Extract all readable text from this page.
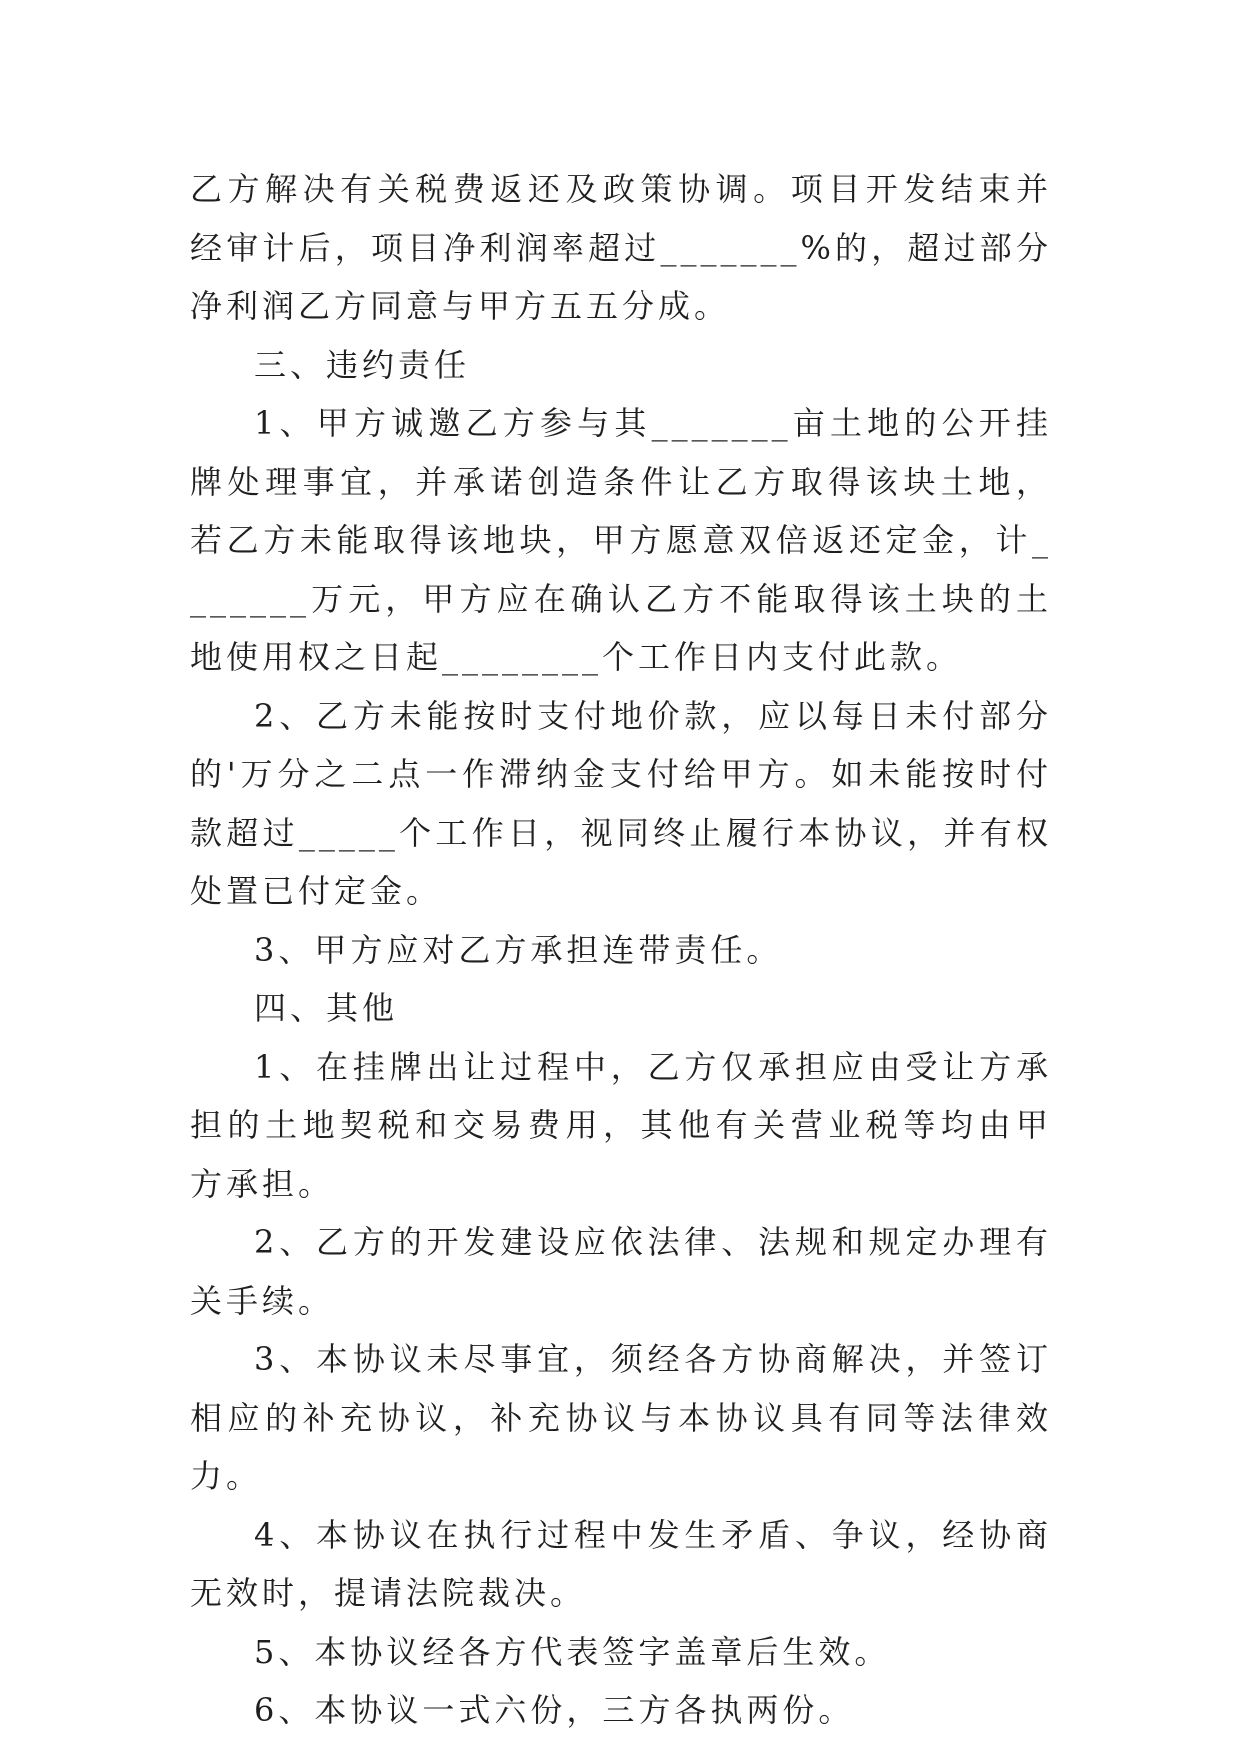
乙方解决有关税费返还及政策协调。项目开发结束并经审计后，项目净利润率超过_______%的，超过部分净利润乙方同意与甲方五五分成。

三、违约责任

1、甲方诚邀乙方参与其_______亩土地的公开挂牌处理事宜，并承诺创造条件让乙方取得该块土地，若乙方未能取得该地块，甲方愿意双倍返还定金，计_______万元，甲方应在确认乙方不能取得该土块的土地使用权之日起________个工作日内支付此款。

2、乙方未能按时支付地价款，应以每日未付部分的'万分之二点一作滞纳金支付给甲方。如未能按时付款超过_____个工作日，视同终止履行本协议，并有权处置已付定金。

3、甲方应对乙方承担连带责任。

四、其他

1、在挂牌出让过程中，乙方仅承担应由受让方承担的土地契税和交易费用，其他有关营业税等均由甲方承担。

2、乙方的开发建设应依法律、法规和规定办理有关手续。

3、本协议未尽事宜，须经各方协商解决，并签订相应的补充协议，补充协议与本协议具有同等法律效力。

4、本协议在执行过程中发生矛盾、争议，经协商无效时，提请法院裁决。

5、本协议经各方代表签字盖章后生效。

6、本协议一式六份，三方各执两份。
